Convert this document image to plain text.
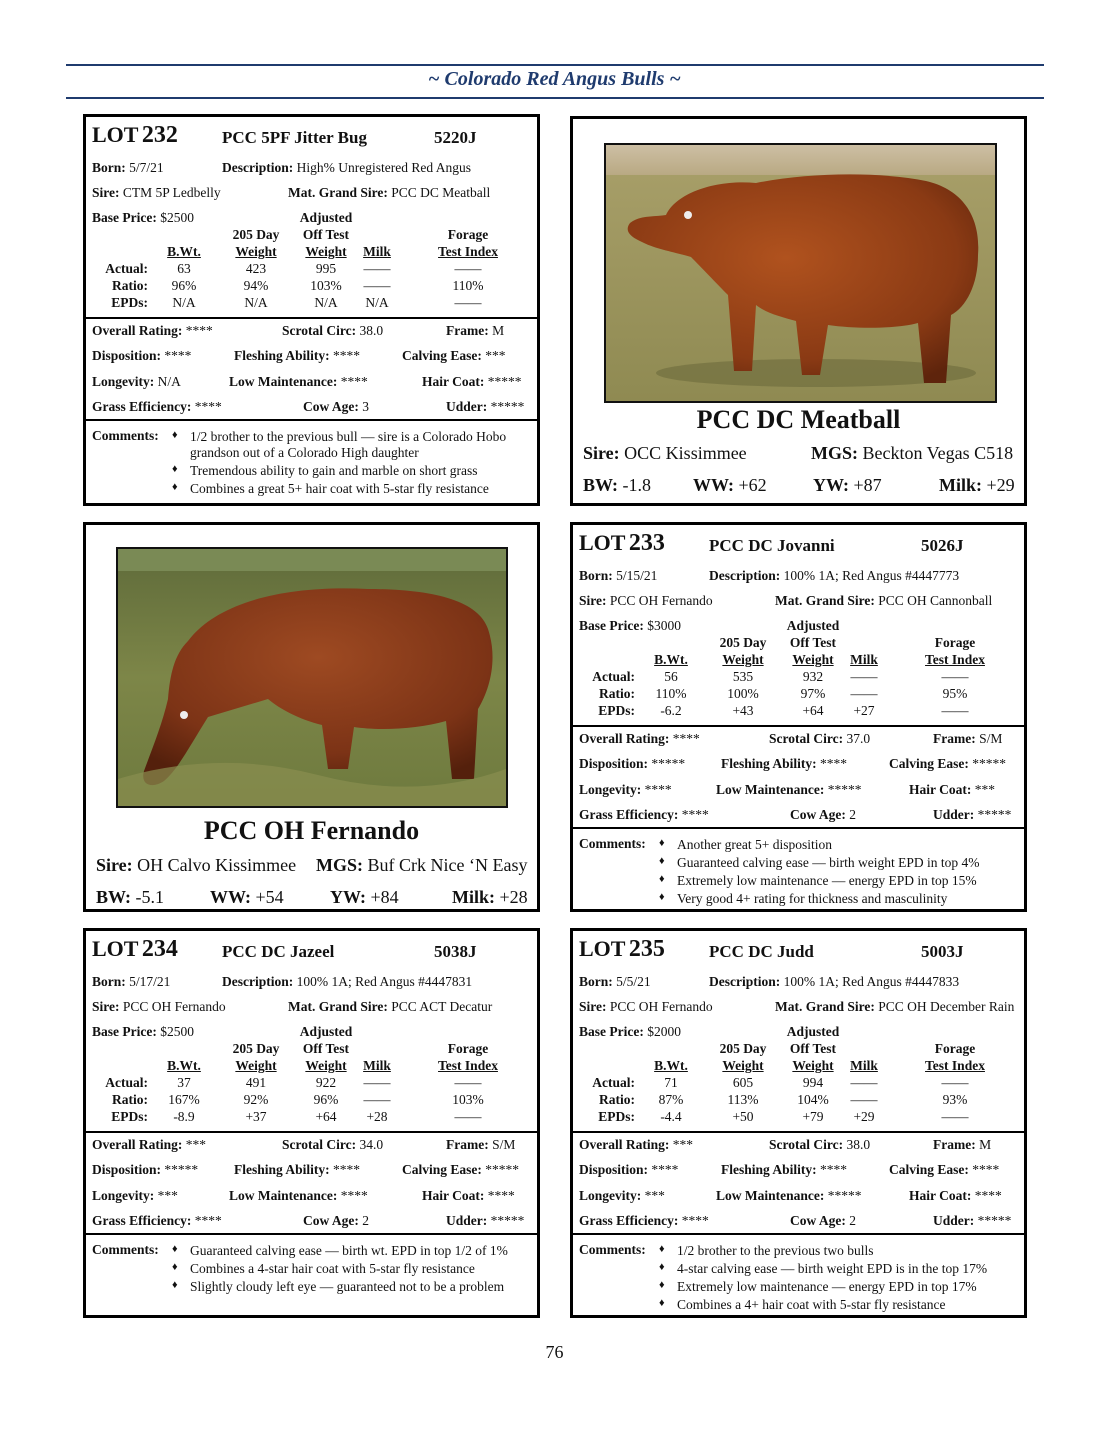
~ Colorado Red Angus Bulls ~
LOT 232	PCC 5PF Jitter Bug	5220J
Born: 5/7/21	Description: High% Unregistered Red Angus
Sire: CTM 5P Ledbelly	Mat. Grand Sire: PCC DC Meatball
Base Price: $2500	Adjusted
205 Day	Off Test	Forage
B.Wt.	Weight	Weight	Milk	Test Index
Actual:	63	423	995	——	——
Ratio:	96%	94%	103%	——	110%
EPDs:	N/A	N/A	N/A	N/A	——
Overall Rating: ****	Scrotal Circ: 38.0	Frame: M
Disposition: ****	Fleshing Ability: ****	Calving Ease: ***
Longevity: N/A	Low Maintenance: ****	Hair Coat: *****
Grass Efficiency: ****	Cow Age: 3	Udder: *****
Comments: ♦ 1/2 brother to the previous bull — sire is a Colorado Hobo grandson out of a Colorado High daughter
♦ Tremendous ability to gain and marble on short grass
♦ Combines a great 5+ hair coat with 5-star fly resistance
LOT 233	PCC DC Jovanni	5026J
Born: 5/15/21	Description: 100% 1A; Red Angus #4447773
Sire: PCC OH Fernando	Mat. Grand Sire: PCC OH Cannonball
Base Price: $3000	Adjusted
205 Day	Off Test	Forage
B.Wt.	Weight	Weight	Milk	Test Index
Actual:	56	535	932	——	——
Ratio:	110%	100%	97%	——	95%
EPDs:	-6.2	+43	+64	+27	——
Overall Rating: ****	Scrotal Circ: 37.0	Frame: S/M
Disposition: *****	Fleshing Ability: ****	Calving Ease: *****
Longevity: ****	Low Maintenance: *****	Hair Coat: ***
Grass Efficiency: ****	Cow Age: 2	Udder: *****
Comments: ♦ Another great 5+ disposition
♦ Guaranteed calving ease — birth weight EPD in top 4%
♦ Extremely low maintenance — energy EPD in top 15%
♦ Very good 4+ rating for thickness and masculinity
LOT 234	PCC DC Jazeel	5038J
Born: 5/17/21	Description: 100% 1A; Red Angus #4447831
Sire: PCC OH Fernando	Mat. Grand Sire: PCC ACT Decatur
Base Price: $2500	Adjusted
205 Day	Off Test	Forage
B.Wt.	Weight	Weight	Milk	Test Index
Actual:	37	491	922	——	——
Ratio:	167%	92%	96%	——	103%
EPDs:	-8.9	+37	+64	+28	——
Overall Rating: ***	Scrotal Circ: 34.0	Frame: S/M
Disposition: *****	Fleshing Ability: ****	Calving Ease: *****
Longevity: ***	Low Maintenance: ****	Hair Coat: ****
Grass Efficiency: ****	Cow Age: 2	Udder: *****
Comments: ♦ Guaranteed calving ease — birth wt. EPD in top 1/2 of 1%
♦ Combines a 4-star hair coat with 5-star fly resistance
♦ Slightly cloudy left eye — guaranteed not to be a problem
LOT 235	PCC DC Judd	5003J
Born: 5/5/21	Description: 100% 1A; Red Angus #4447833
Sire: PCC OH Fernando	Mat. Grand Sire: PCC OH December Rain
Base Price: $2000	Adjusted
205 Day	Off Test	Forage
B.Wt.	Weight	Weight	Milk	Test Index
Actual:	71	605	994	——	——
Ratio:	87%	113%	104%	——	93%
EPDs:	-4.4	+50	+79	+29	——
Overall Rating: ***	Scrotal Circ: 38.0	Frame: M
Disposition: ****	Fleshing Ability: ****	Calving Ease: ****
Longevity: ***	Low Maintenance: *****	Hair Coat: ****
Grass Efficiency: ****	Cow Age: 2	Udder: *****
Comments: ♦ 1/2 brother to the previous two bulls
♦ 4-star calving ease — birth weight EPD is in the top 17%
♦ Extremely low maintenance — energy EPD in top 17%
♦ Combines a 4+ hair coat with 5-star fly resistance
PCC DC Meatball
Sire: OCC Kissimmee	MGS: Beckton Vegas C518
BW: -1.8 WW: +62	YW: +87	Milk: +29
PCC OH Fernando
Sire: OH Calvo Kissimmee MGS: Buf Crk Nice ‘N Easy
BW: -5.1	WW: +54	YW: +84	Milk: +28
76
